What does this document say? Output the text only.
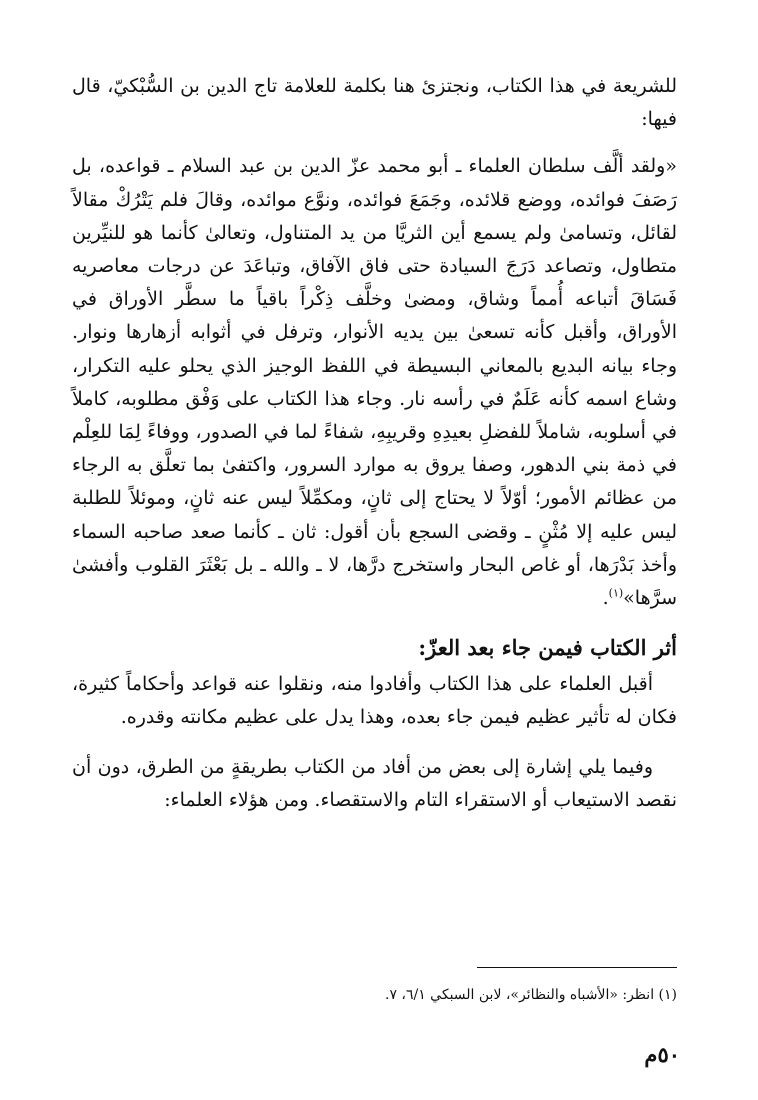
للشريعة في هذا الكتاب، ونجتزئ هنا بكلمة للعلامة تاج الدين بن السُّبْكيّ، قال فيها:

«ولقد ألَّف سلطان العلماء ـ أبو محمد عزّ الدين بن عبد السلام ـ قواعده، بل رَصَفَ فوائده، ووضع قلائده، وجَمَعَ فوائده، ونوَّع موائده، وقالَ فلم يَتْرُكْ مقالاً لقائل، وتسامىٰ ولم يسمع أين الثريَّا من يد المتناول، وتعالىٰ كأنما هو للنيِّرين متطاول، وتصاعد دَرَجَ السيادة حتى فاق الآفاق، وتباعَدَ عن درجات معاصريه فَسَاقَ أتباعه أُمماً وشاق، ومضىٰ وخلَّف ذِكْراً باقياً ما سطَّر الأوراق في الأوراق، وأقبل كأنه تسعىٰ بين يديه الأنوار، وترفل في أثوابه أزهارها ونوار. وجاء بيانه البديع بالمعاني البسيطة في اللفظ الوجيز الذي يحلو عليه التكرار، وشاع اسمه كأنه عَلَمٌ في رأسه نار. وجاء هذا الكتاب على وَفْق مطلوبه، كاملاً في أسلوبه، شاملاً للفضلِ بعيدِهِ وقريبِهِ، شفاءً لما في الصدور، ووفاءً لِمَا للعِلْم في ذمة بني الدهور، وصفا يروق به موارد السرور، واكتفىٰ بما تعلَّق به الرجاء من عظائم الأمور؛ أوّلاً لا يحتاج إلى ثانٍ، ومكمِّلاً ليس عنه ثانٍ، وموئلاً للطلبة ليس عليه إلا مُثْنٍ ـ وقضى السجع بأن أقول: ثان ـ كأنما صعد صاحبه السماء وأخذ بَدْرَها، أو غاص البحار واستخرج درَّها، لا ـ والله ـ بل بَعْثَرَ القلوب وأفشىٰ سرَّها»$^{(١)}$.

أثر الكتاب فيمن جاء بعد العزّ:

أقبل العلماء على هذا الكتاب وأفادوا منه، ونقلوا عنه قواعد وأحكاماً كثيرة، فكان له تأثير عظيم فيمن جاء بعده، وهذا يدل على عظيم مكانته وقدره.

وفيما يلي إشارة إلى بعض من أفاد من الكتاب بطريقةٍ من الطرق، دون أن نقصد الاستيعاب أو الاستقراء التام والاستقصاء. ومن هؤلاء العلماء:

(١) انظر: «الأشباه والنظائر»، لابن السبكي ٦/١، ٧.
٥٠م
